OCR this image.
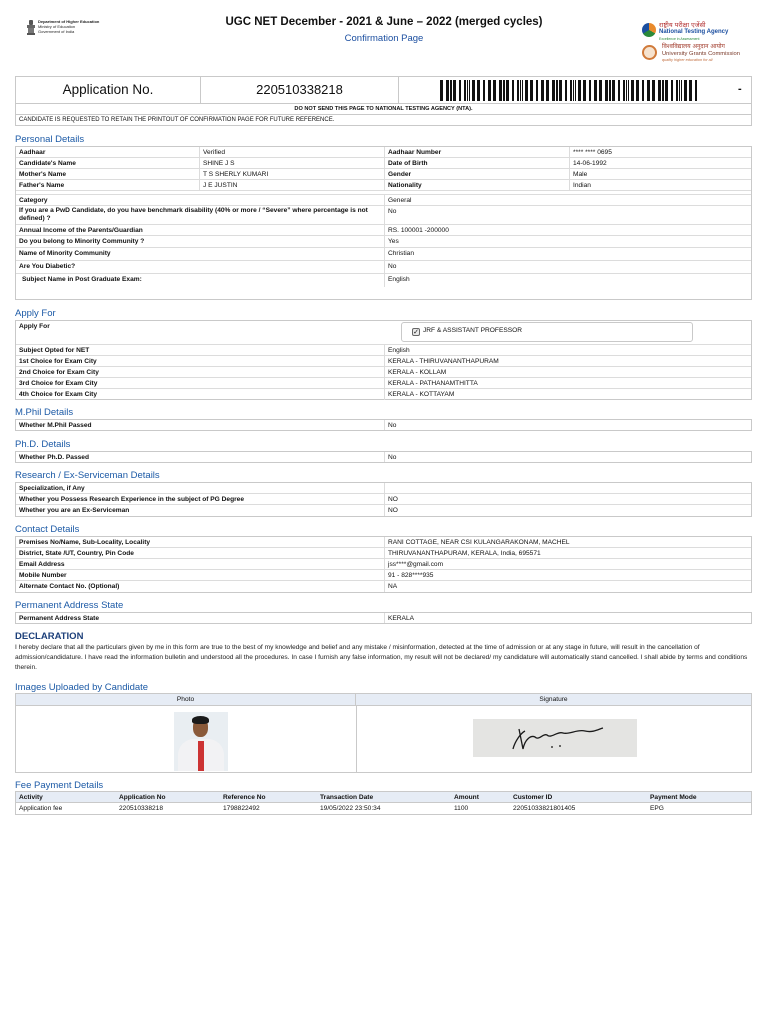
Department of Higher Education
Ministry of Education
Government of India
UGC NET December - 2021 & June – 2022 (merged cycles)
Confirmation Page
राष्ट्रीय परीक्षा एजेंसी
National Testing Agency
Excellence in Assessment
विश्वविद्यालय अनुदान आयोग
University Grants Commission
quality higher education for all
Application No.	220510338218	-
DO NOT SEND THIS PAGE TO NATIONAL TESTING AGENCY (NTA).
CANDIDATE IS REQUESTED TO RETAIN THE PRINTOUT OF CONFIRMATION PAGE FOR FUTURE REFERENCE.
Personal Details
Aadhaar	Verified	Aadhaar Number	**** **** 0695
Candidate's Name	SHINE J S	Date of Birth	14-06-1992
Mother's Name	T S SHERLY KUMARI	Gender	Male
Father's Name	J E JUSTIN	Nationality	Indian
Category	General
If you are a PwD Candidate, do you have benchmark disability (40% or more / “Severe” where percentage is not defined) ?
No
Annual Income of the Parents/Guardian	RS. 100001 -200000
Do you belong to Minority Community ?	Yes
Name of Minority Community	Christian
Are You Diabetic?	No
Subject Name in Post Graduate Exam:	English
Apply For
Apply For
✓ JRF & ASSISTANT PROFESSOR
Subject Opted for NET	English
1st Choice for Exam City	KERALA - THIRUVANANTHAPURAM
2nd Choice for Exam City	KERALA - KOLLAM
3rd Choice for Exam City	KERALA - PATHANAMTHITTA
4th Choice for Exam City	KERALA - KOTTAYAM
M.Phil Details
Whether M.Phil Passed	No
Ph.D. Details
Whether Ph.D. Passed	No
Research / Ex-Serviceman Details
Specialization, if Any
Whether you Possess Research Experience in the subject of PG Degree	NO
Whether you are an Ex-Serviceman	NO
Contact Details
Premises No/Name, Sub-Locality, Locality	RANI COTTAGE, NEAR CSI KULANGARAKONAM, MACHEL
District, State /UT, Country, Pin Code	THIRUVANANTHAPURAM, KERALA, India, 695571
Email Address	jss****@gmail.com
Mobile Number	91 - 828****935
Alternate Contact No. (Optional)	NA
Permanent Address State
Permanent Address State	KERALA
DECLARATION
I hereby declare that all the particulars given by me in this form are true to the best of my knowledge and belief and any mistake / misinformation, detected at the time of admission or at any stage in future, will result in the cancellation of admission/candidature. I have read the information bulletin and understood all the procedures. In case I furnish any false information, my result will not be declared/ my candidature will automatically stand cancelled. I shall abide by terms and conditions therein.
Images Uploaded by Candidate
Photo	Signature
Fee Payment Details
Activity	Application No	Reference No	Transaction Date	Amount	Customer ID	Payment Mode
Application fee	220510338218	1798822492	19/05/2022 23:50:34	1100	22051033821801405	EPG
